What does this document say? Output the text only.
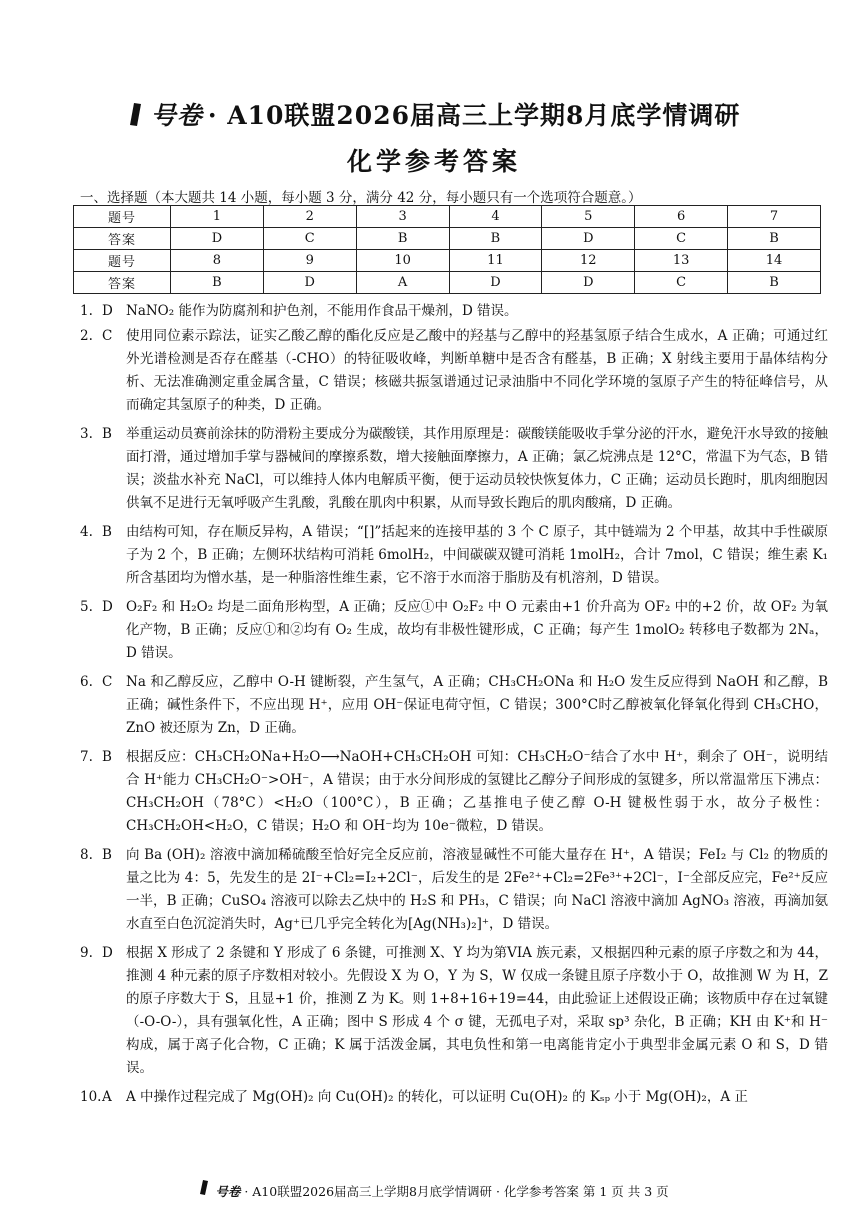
号卷 · A10联盟2026届高三上学期8月底学情调研
化学参考答案
一、选择题（本大题共 14 小题，每小题 3 分，满分 42 分，每小题只有一个选项符合题意。）
题号	1	2	3	4	5	6	7
答案	D	C	B	B	D	C	B
题号	8	9	10	11	12	13	14
答案	B	D	A	D	D	C	B
1. D NaNO₂ 能作为防腐剂和护色剂，不能用作食品干燥剂，D 错误。
2. C 使用同位素示踪法，证实乙酸乙醇的酯化反应是乙酸中的羟基与乙醇中的羟基氢原子结合生成水，A 正确；可通过红外光谱检测是否存在醛基（-CHO）的特征吸收峰，判断单糖中是否含有醛基，B 正确；X 射线主要用于晶体结构分析、无法准确测定重金属含量，C 错误；核磁共振氢谱通过记录油脂中不同化学环境的氢原子产生的特征峰信号，从而确定其氢原子的种类，D 正确。
3. B 举重运动员赛前涂抹的防滑粉主要成分为碳酸镁，其作用原理是：碳酸镁能吸收手掌分泌的汗水，避免汗水导致的接触面打滑，通过增加手掌与器械间的摩擦系数，增大接触面摩擦力，A 正确；氯乙烷沸点是 12°C，常温下为气态，B 错误；淡盐水补充 NaCl，可以维持人体内电解质平衡，便于运动员较快恢复体力，C 正确；运动员长跑时，肌肉细胞因供氧不足进行无氧呼吸产生乳酸，乳酸在肌肉中积累，从而导致长跑后的肌肉酸痛，D 正确。
4. B 由结构可知，存在顺反异构，A 错误；“[]”括起来的连接甲基的 3 个 C 原子，其中链端为 2 个甲基，故其中手性碳原子为 2 个，B 正确；左侧环状结构可消耗 6molH₂，中间碳碳双键可消耗 1molH₂，合计 7mol，C 错误；维生素 K₁ 所含基团均为憎水基，是一种脂溶性维生素，它不溶于水而溶于脂肪及有机溶剂，D 错误。
5. D O₂F₂ 和 H₂O₂ 均是二面角形构型，A 正确；反应①中 O₂F₂ 中 O 元素由+1 价升高为 OF₂ 中的+2 价，故 OF₂ 为氧化产物，B 正确；反应①和②均有 O₂ 生成，故均有非极性键形成，C 正确；每产生 1molO₂ 转移电子数都为 2Nₐ，D 错误。
6. C Na 和乙醇反应，乙醇中 O-H 键断裂，产生氢气，A 正确；CH₃CH₂ONa 和 H₂O 发生反应得到 NaOH 和乙醇，B 正确；碱性条件下，不应出现 H⁺，应用 OH⁻保证电荷守恒，C 错误；300°C时乙醇被氧化铎氧化得到 CH₃CHO，ZnO 被还原为 Zn，D 正确。
7. B 根据反应：CH₃CH₂ONa+H₂O⟶NaOH+CH₃CH₂OH 可知：CH₃CH₂O⁻结合了水中 H⁺，剩余了 OH⁻，说明结合 H⁺能力 CH₃CH₂O⁻>OH⁻，A 错误；由于水分间形成的氢键比乙醇分子间形成的氢键多，所以常温常压下沸点：CH₃CH₂OH（78°C）<H₂O（100°C），B 正确；乙基推电子使乙醇 O-H 键极性弱于水，故分子极性：CH₃CH₂OH<H₂O，C 错误；H₂O 和 OH⁻均为 10e⁻微粒，D 错误。
8. B 向 Ba (OH)₂ 溶液中滴加稀硫酸至恰好完全反应前，溶液显碱性不可能大量存在 H⁺，A 错误；FeI₂ 与 Cl₂ 的物质的量之比为 4：5，先发生的是 2I⁻+Cl₂=I₂+2Cl⁻，后发生的是 2Fe²⁺+Cl₂=2Fe³⁺+2Cl⁻，I⁻全部反应完，Fe²⁺反应一半，B 正确；CuSO₄ 溶液可以除去乙炔中的 H₂S 和 PH₃，C 错误；向 NaCl 溶液中滴加 AgNO₃ 溶液，再滴加氨水直至白色沉淀消失时，Ag⁺已几乎完全转化为[Ag(NH₃)₂]⁺，D 错误。
9. D 根据 X 形成了 2 条键和 Y 形成了 6 条键，可推测 X、Y 均为第VIA 族元素，又根据四种元素的原子序数之和为 44，推测 4 种元素的原子序数相对较小。先假设 X 为 O，Y 为 S，W 仅成一条键且原子序数小于 O，故推测 W 为 H，Z 的原子序数大于 S，且显+1 价，推测 Z 为 K。则 1+8+16+19=44，由此验证上述假设正确；该物质中存在过氧键（-O-O-），具有强氧化性，A 正确；图中 S 形成 4 个 σ 键，无孤电子对，采取 sp³ 杂化，B 正确；KH 由 K⁺和 H⁻构成，属于离子化合物，C 正确；K 属于活泼金属，其电负性和第一电离能肯定小于典型非金属元素 O 和 S，D 错误。
10. A A 中操作过程完成了 Mg(OH)₂ 向 Cu(OH)₂ 的转化，可以证明 Cu(OH)₂ 的 Kₛₚ 小于 Mg(OH)₂，A 正
号卷 · A10联盟2026届高三上学期8月底学情调研 · 化学参考答案 第 1 页 共 3 页
